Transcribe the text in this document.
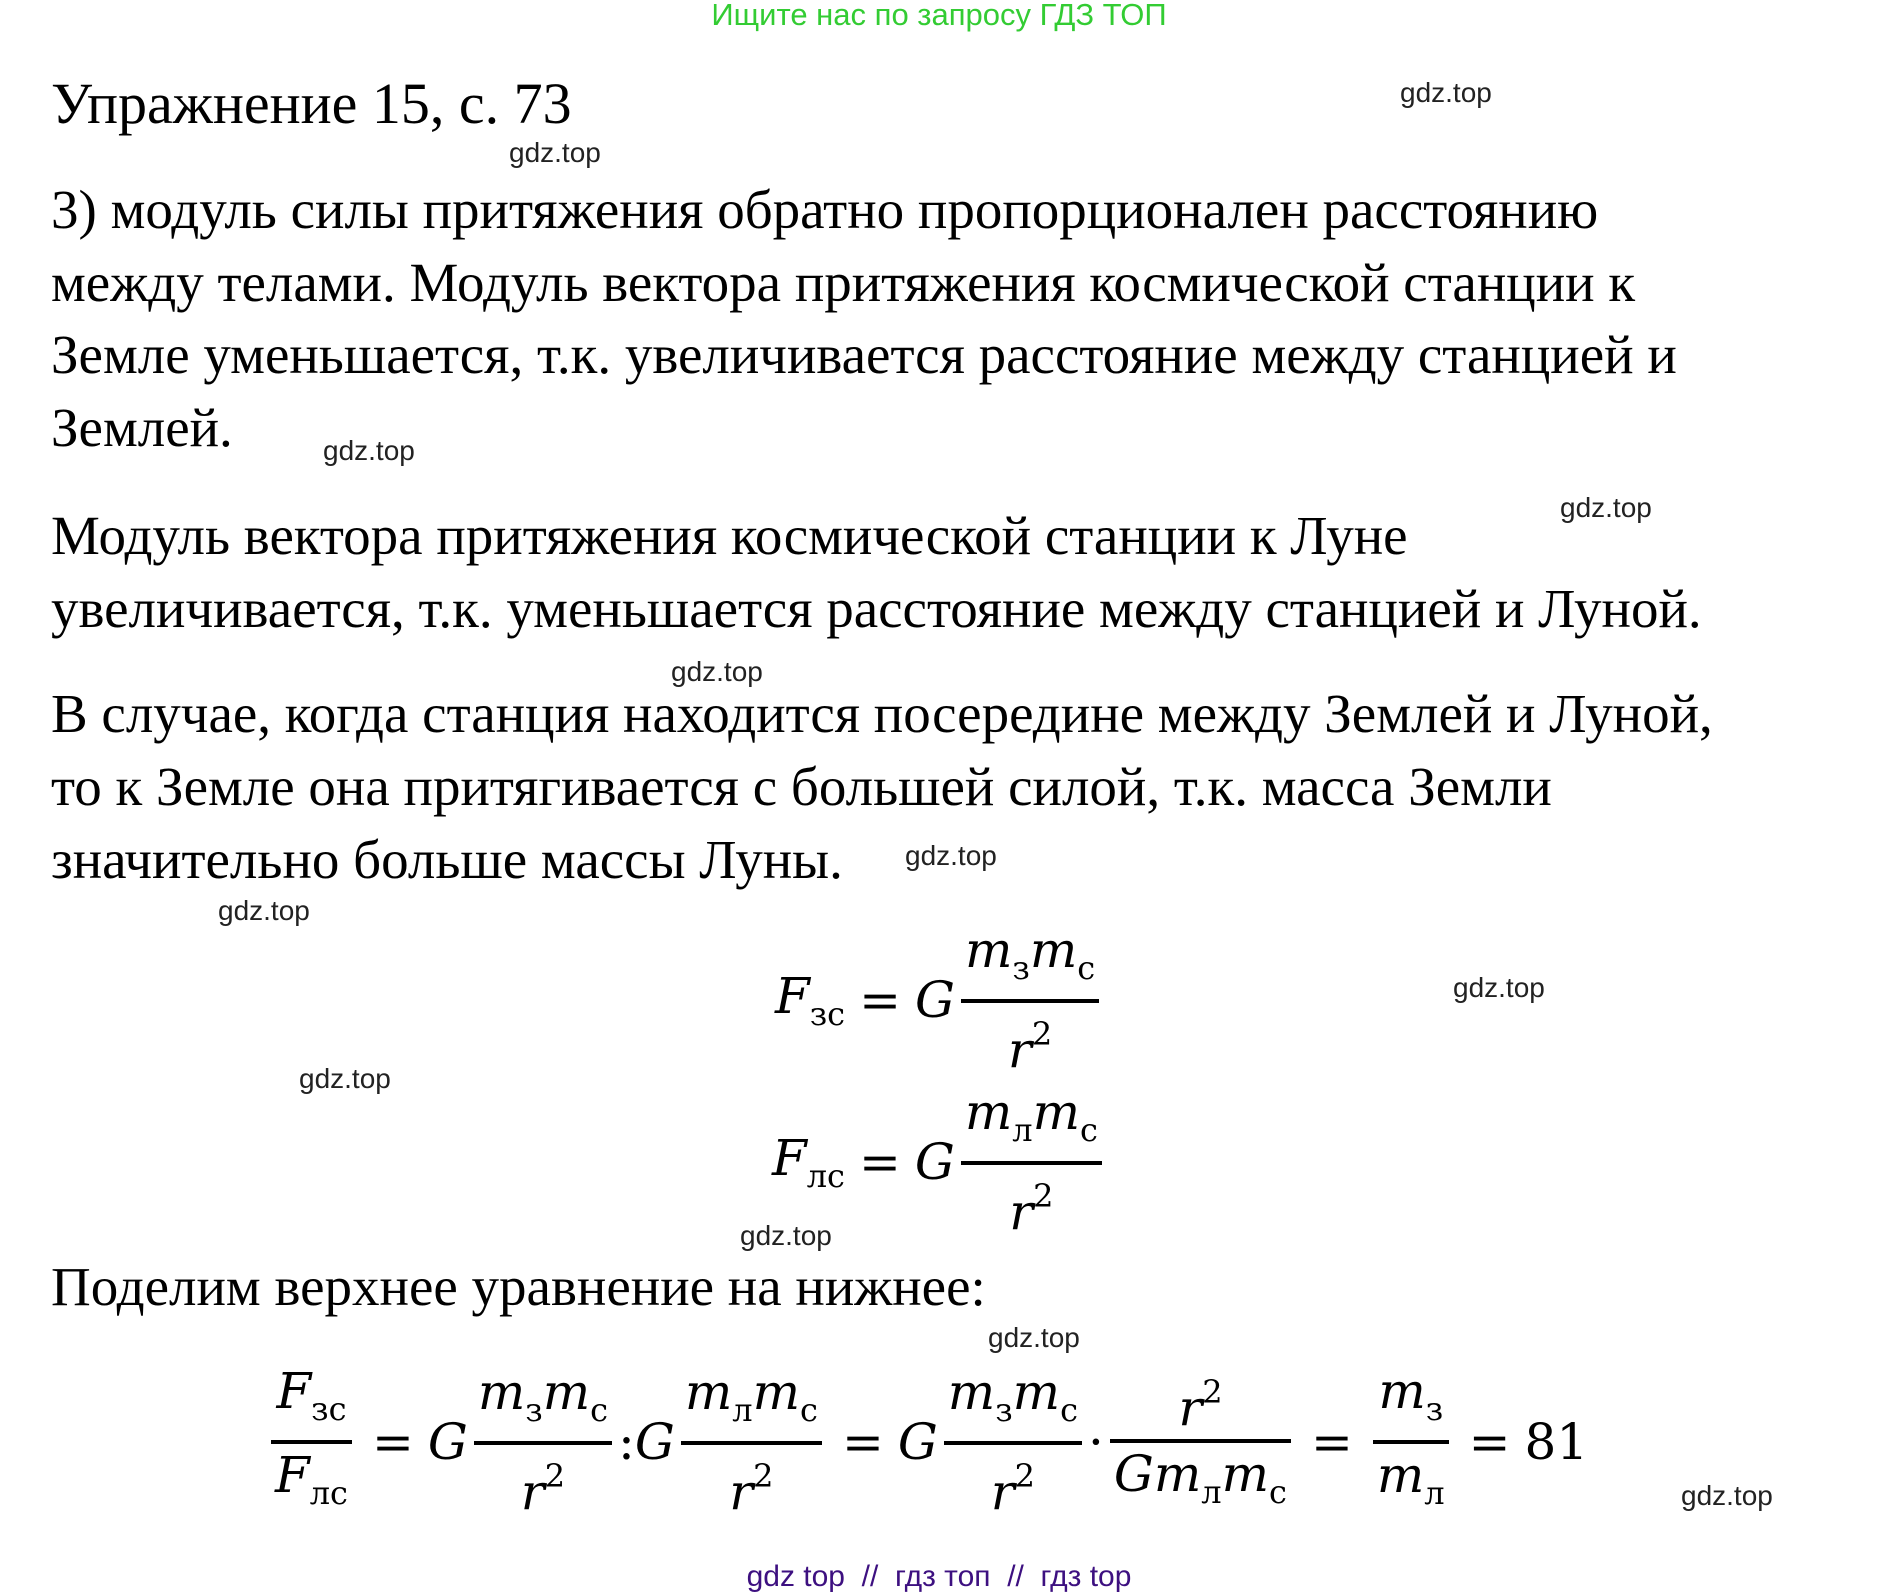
Ищите нас по запросу ГДЗ ТОП
Упражнение 15, с. 73	gdz.top
gdz.top
gdz.top
gdz.top
gdz.top
gdz.top
gdz.top
gdz.top
gdz.top
gdz.top
gdz.top
gdz.top
3) модуль силы притяжения обратно пропорционален расстоянию
между телами. Модуль вектора притяжения космической станции к
Земле уменьшается, т.к. увеличивается расстояние между станцией и
Землей.
Модуль вектора притяжения космической станции к Луне
увеличивается, т.к. уменьшается расстояние между станцией и Луной.
В случае, когда станция находится посередине между Землей и Луной,
то к Земле она притягивается с большей силой, т.к. масса Земли
значительно больше массы Луны.
$F_{зс} = G \frac{m_зm_с}{r^2}$
$F_{лс} = G \frac{m_лm_с}{r^2}$
Поделим верхнее уравнение на нижнее:
$\frac{F_{зс}}{F_{лс}} = G \frac{m_зm_с}{r^2}$ : G $\frac{m_лm_с}{r^2} = G \frac{m_зm_с}{r^2} \cdot \frac{r^2}{Gm_лm_с} = \frac{m_з}{m_л} = 81$
gdz top  //  гдз топ  //  гдз top
